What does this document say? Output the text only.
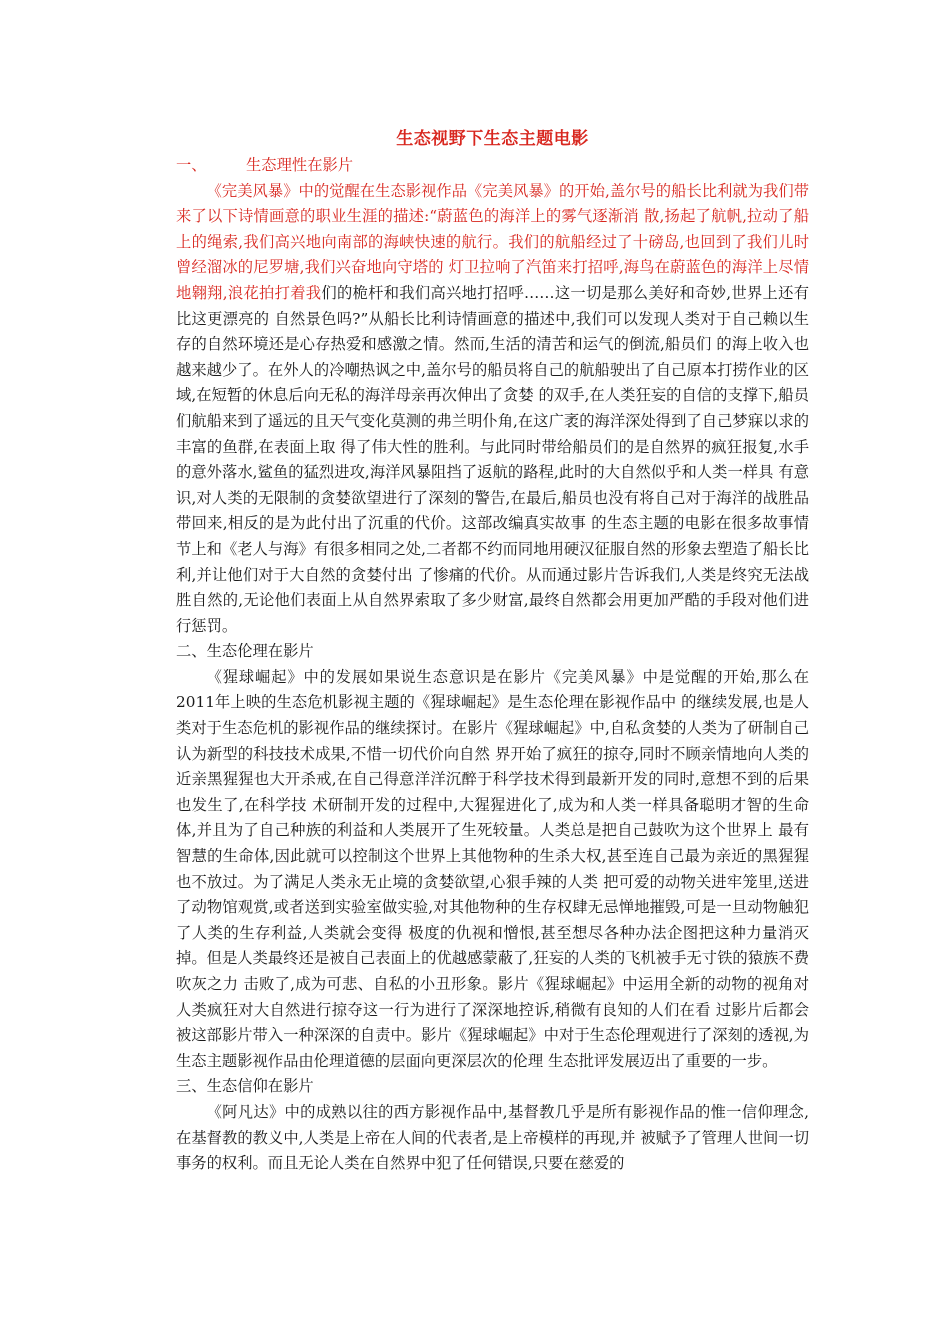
生态视野下生态主题电影
一、	生态理性在影片

《完美风暴》中的觉醒在生态影视作品《完美风暴》的开始,盖尔号的船长比利就为我们带来了以下诗情画意的职业生涯的描述:“蔚蓝色的海洋上的雾气逐渐消 散,扬起了航帆,拉动了船上的绳索,我们高兴地向南部的海峡快速的航行。我们的航船经过了十磅岛,也回到了我们儿时曾经溜冰的尼罗塘,我们兴奋地向守塔的 灯卫拉响了汽笛来打招呼,海鸟在蔚蓝色的海洋上尽情地翱翔,浪花拍打着我们的桅杆和我们高兴地打招呼……这一切是那么美好和奇妙,世界上还有比这更漂亮的 自然景色吗?”从船长比利诗情画意的描述中,我们可以发现人类对于自己赖以生存的自然环境还是心存热爱和感激之情。然而,生活的清苦和运气的倒流,船员们 的海上收入也越来越少了。在外人的冷嘲热讽之中,盖尔号的船员将自己的航船驶出了自己原本打捞作业的区域,在短暂的休息后向无私的海洋母亲再次伸出了贪婪 的双手,在人类狂妄的自信的支撑下,船员们航船来到了遥远的且天气变化莫测的弗兰明仆角,在这广袤的海洋深处得到了自己梦寐以求的丰富的鱼群,在表面上取 得了伟大性的胜利。与此同时带给船员们的是自然界的疯狂报复,水手的意外落水,鲨鱼的猛烈进攻,海洋风暴阻挡了返航的路程,此时的大自然似乎和人类一样具 有意识,对人类的无限制的贪婪欲望进行了深刻的警告,在最后,船员也没有将自己对于海洋的战胜品带回来,相反的是为此付出了沉重的代价。这部改编真实故事 的生态主题的电影在很多故事情节上和《老人与海》有很多相同之处,二者都不约而同地用硬汉征服自然的形象去塑造了船长比利,并让他们对于大自然的贪婪付出 了惨痛的代价。从而通过影片告诉我们,人类是终究无法战胜自然的,无论他们表面上从自然界索取了多少财富,最终自然都会用更加严酷的手段对他们进行惩罚。

二、生态伦理在影片

《猩球崛起》中的发展如果说生态意识是在影片《完美风暴》中是觉醒的开始,那么在2011年上映的生态危机影视主题的《猩球崛起》是生态伦理在影视作品中 的继续发展,也是人类对于生态危机的影视作品的继续探讨。在影片《猩球崛起》中,自私贪婪的人类为了研制自己认为新型的科技技术成果,不惜一切代价向自然 界开始了疯狂的掠夺,同时不顾亲情地向人类的近亲黑猩猩也大开杀戒,在自己得意洋洋沉醉于科学技术得到最新开发的同时,意想不到的后果也发生了,在科学技 术研制开发的过程中,大猩猩进化了,成为和人类一样具备聪明才智的生命体,并且为了自己种族的利益和人类展开了生死较量。人类总是把自己鼓吹为这个世界上 最有智慧的生命体,因此就可以控制这个世界上其他物种的生杀大权,甚至连自己最为亲近的黑猩猩也不放过。为了满足人类永无止境的贪婪欲望,心狠手辣的人类 把可爱的动物关进牢笼里,送进了动物馆观赏,或者送到实验室做实验,对其他物种的生存权肆无忌惮地摧毁,可是一旦动物触犯了人类的生存利益,人类就会变得 极度的仇视和憎恨,甚至想尽各种办法企图把这种力量消灭掉。但是人类最终还是被自己表面上的优越感蒙蔽了,狂妄的人类的飞机被手无寸铁的猿族不费吹灰之力 击败了,成为可悲、自私的小丑形象。影片《猩球崛起》中运用全新的动物的视角对人类疯狂对大自然进行掠夺这一行为进行了深深地控诉,稍微有良知的人们在看 过影片后都会被这部影片带入一种深深的自责中。影片《猩球崛起》中对于生态伦理观进行了深刻的透视,为生态主题影视作品由伦理道德的层面向更深层次的伦理 生态批评发展迈出了重要的一步。

三、生态信仰在影片

《阿凡达》中的成熟以往的西方影视作品中,基督教几乎是所有影视作品的惟一信仰理念,在基督教的教义中,人类是上帝在人间的代表者,是上帝模样的再现,并 被赋予了管理人世间一切事务的权利。而且无论人类在自然界中犯了任何错误,只要在慈爱的
